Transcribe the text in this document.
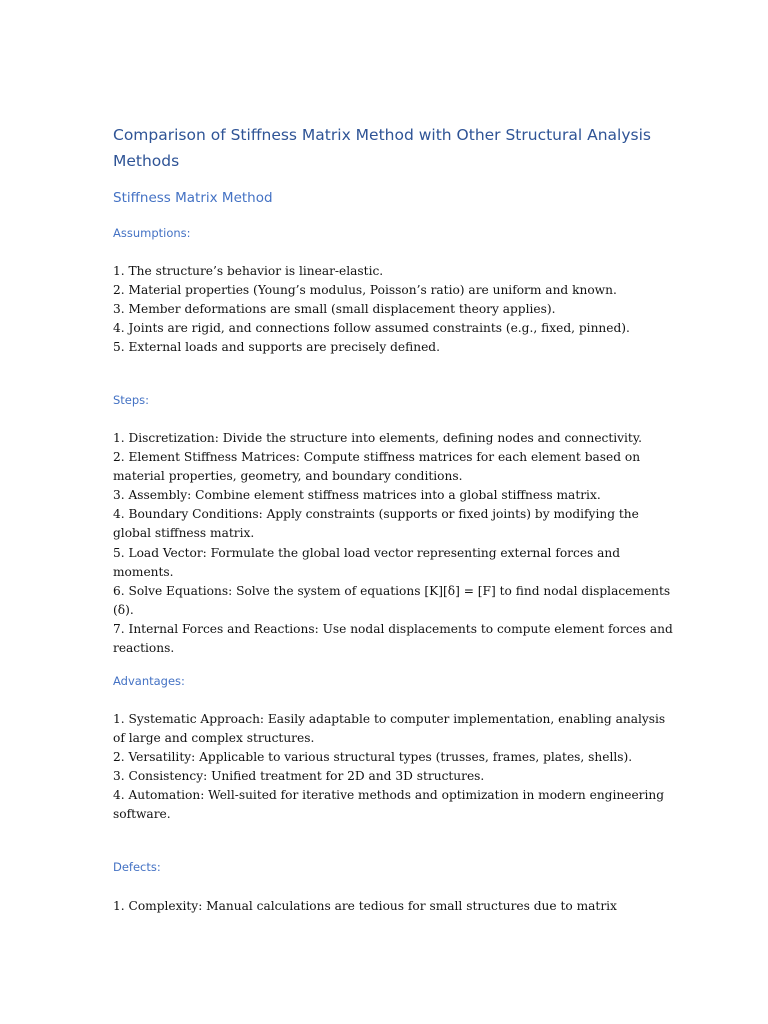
Comparison of Stiffness Matrix Method with Other Structural Analysis Methods
Stiffness Matrix Method
Assumptions:
1. The structure’s behavior is linear-elastic.
2. Material properties (Young’s modulus, Poisson’s ratio) are uniform and known.
3. Member deformations are small (small displacement theory applies).
4. Joints are rigid, and connections follow assumed constraints (e.g., fixed, pinned).
5. External loads and supports are precisely defined.
Steps:
1. Discretization: Divide the structure into elements, defining nodes and connectivity.
2. Element Stiffness Matrices: Compute stiffness matrices for each element based on material properties, geometry, and boundary conditions.
3. Assembly: Combine element stiffness matrices into a global stiffness matrix.
4. Boundary Conditions: Apply constraints (supports or fixed joints) by modifying the global stiffness matrix.
5. Load Vector: Formulate the global load vector representing external forces and moments.
6. Solve Equations: Solve the system of equations [K][δ] = [F] to find nodal displacements (δ).
7. Internal Forces and Reactions: Use nodal displacements to compute element forces and reactions.
Advantages:
1. Systematic Approach: Easily adaptable to computer implementation, enabling analysis of large and complex structures.
2. Versatility: Applicable to various structural types (trusses, frames, plates, shells).
3. Consistency: Unified treatment for 2D and 3D structures.
4. Automation: Well-suited for iterative methods and optimization in modern engineering software.
Defects:
1. Complexity: Manual calculations are tedious for small structures due to matrix
